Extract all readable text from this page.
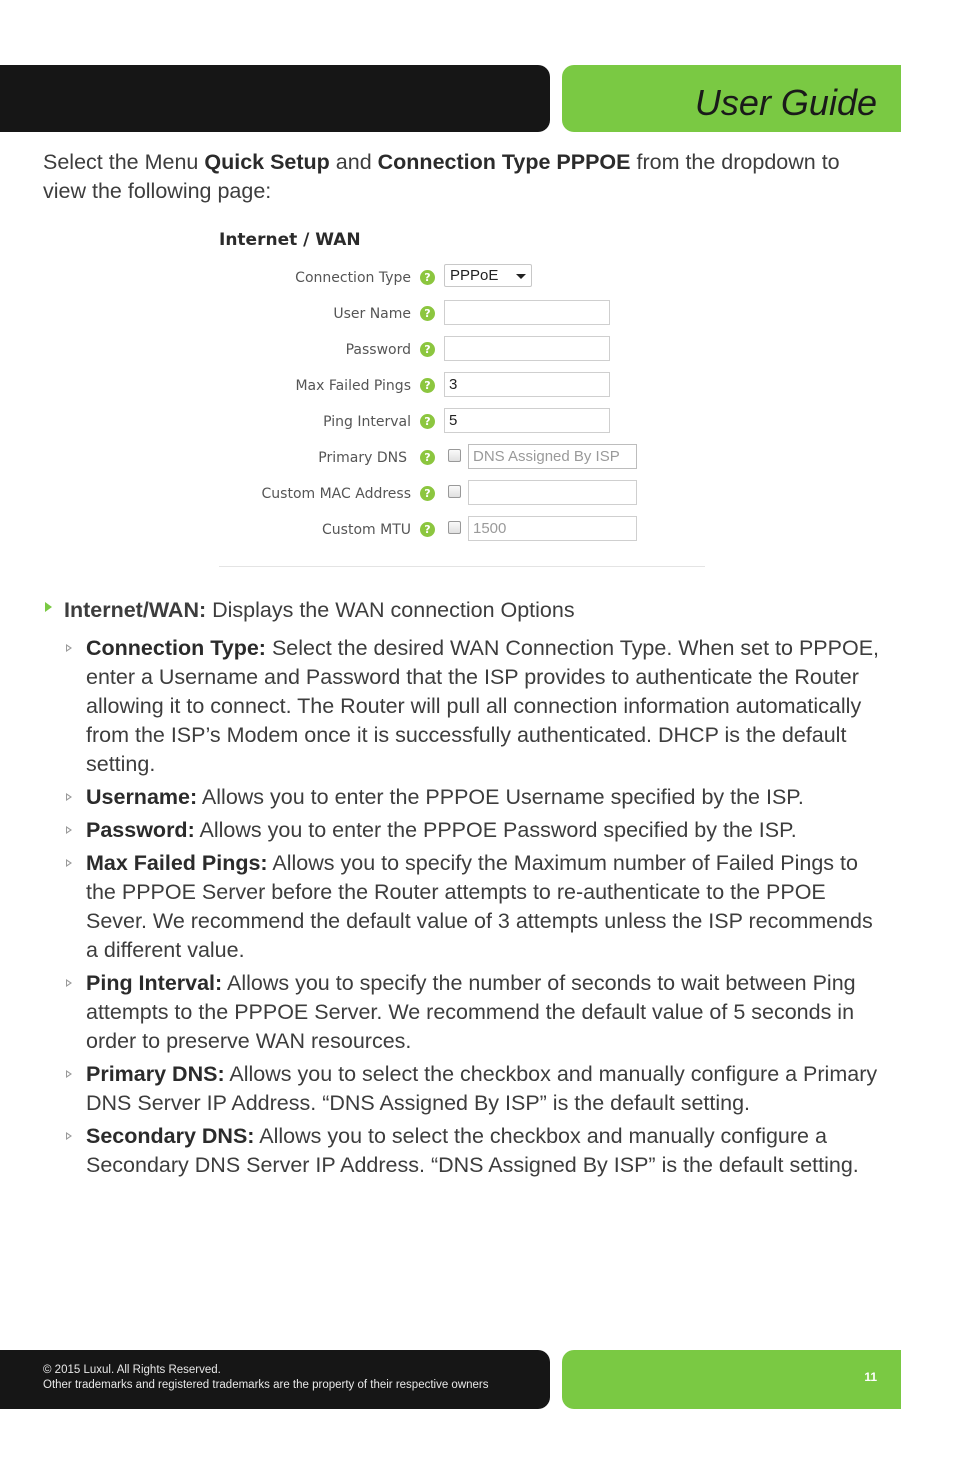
User Guide

Select the Menu Quick Setup and Connection Type PPPOE from the dropdown to view the following page:

Internet / WAN
Connection Type	?	PPPoE
User Name	?
Password	?
Max Failed Pings	?	3
Ping Interval	?	5
Primary DNS	?	DNS Assigned By ISP
Custom MAC Address	?
Custom MTU	?	1500

Internet/WAN: Displays the WAN connection Options

Connection Type: Select the desired WAN Connection Type. When set to PPPOE, enter a Username and Password that the ISP provides to authenticate the Router allowing it to connect. The Router will pull all connection information automatically from the ISP’s Modem once it is successfully authenticated. DHCP is the default setting.

Username: Allows you to enter the PPPOE Username specified by the ISP.

Password: Allows you to enter the PPPOE Password specified by the ISP.

Max Failed Pings: Allows you to specify the Maximum number of Failed Pings to the PPPOE Server before the Router attempts to re-authenticate to the PPOE Sever. We recommend the default value of 3 attempts unless the ISP recommends a different value.

Ping Interval: Allows you to specify the number of seconds to wait between Ping attempts to the PPPOE Server. We recommend the default value of 5 seconds in order to preserve WAN resources.

Primary DNS: Allows you to select the checkbox and manually configure a Primary DNS Server IP Address. “DNS Assigned By ISP” is the default setting.

Secondary DNS: Allows you to select the checkbox and manually configure a Secondary DNS Server IP Address. “DNS Assigned By ISP” is the default setting.

© 2015 Luxul. All Rights Reserved.
Other trademarks and registered trademarks are the property of their respective owners
11
